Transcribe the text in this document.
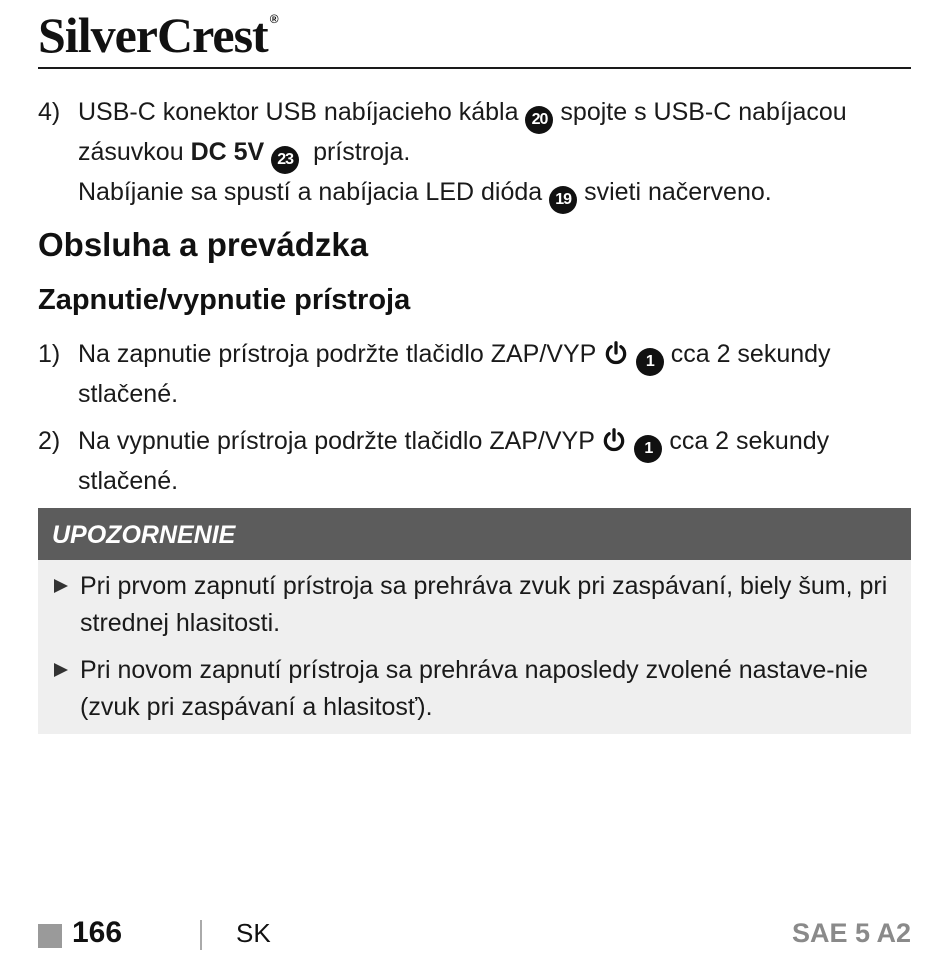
SilverCrest ®
4) USB-C konektor USB nabíjacieho kábla 20 spojte s USB-C nabíjacou zásuvkou DC 5V 23 prístroja.
Nabíjanie sa spustí a nabíjacia LED dióda 19 svieti načerveno.
Obsluha a prevádzka
Zapnutie/vypnutie prístroja
1) Na zapnutie prístroja podržte tlačidlo ZAP/VYP	1 cca 2 sekundy stlačené.
2) Na vypnutie prístroja podržte tlačidlo ZAP/VYP	1 cca 2 sekundy stlačené.
UPOZORNENIE
Pri prvom zapnutí prístroja sa prehráva zvuk pri zaspávaní, biely šum, pri strednej hlasitosti.
Pri novom zapnutí prístroja sa prehráva naposledy zvolené nastave-nie (zvuk pri zaspávaní a hlasitosť).
166	SK	SAE 5 A2
